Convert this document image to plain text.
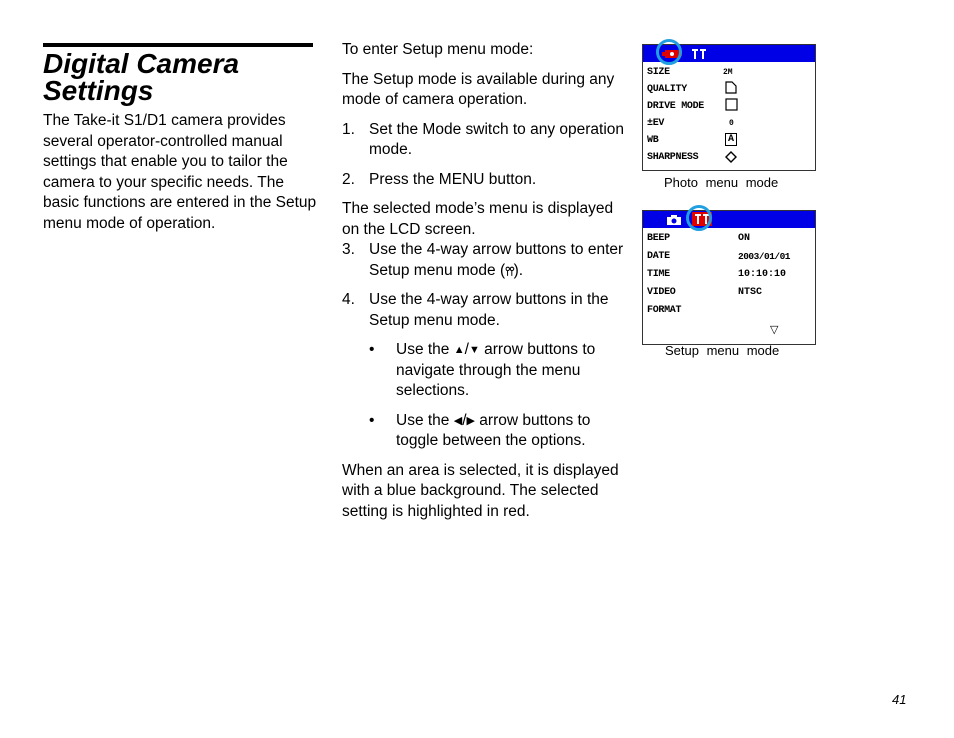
Digital Camera Settings

The Take-it S1/D1 camera provides several operator-controlled manual settings that enable you to tailor the camera to your specific needs. The basic functions are entered in the Setup menu mode of operation.

To enter Setup menu mode:

The Setup mode is available during any mode of camera operation.

1. Set the Mode switch to any operation mode.
2. Press the MENU button.

The selected mode’s menu is displayed on the LCD screen.

3. Use the 4-way arrow buttons to enter Setup menu mode (⫯⫯).
4. Use the 4-way arrow buttons in the Setup menu mode.
•	Use the ▲/▼ arrow buttons to navigate through the menu selections.
•	Use the ◀/▶ arrow buttons to toggle between the options.

When an area is selected, it is displayed with a blue background. The selected setting is highlighted in red.

SIZE	2M
QUALITY
DRIVE MODE
±EV	0
WB	A
SHARPNESS
Photo menu mode
BEEP	ON
DATE	2003/01/01
TIME	10:10:10
VIDEO	NTSC
FORMAT
▽
Setup menu mode
41
